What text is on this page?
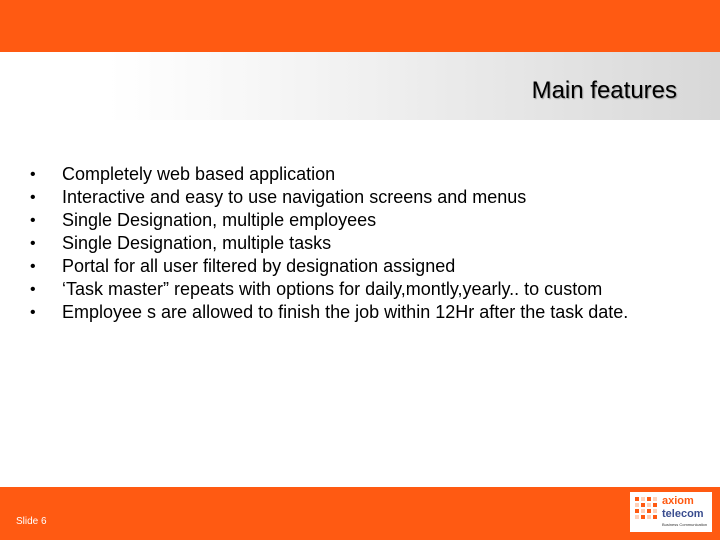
Main features
•	Completely web based application
•	Interactive and easy to use navigation screens and menus
•	Single Designation, multiple employees
•	Single Designation, multiple tasks
•	Portal for all user filtered by designation assigned
•	‘Task master” repeats with options for daily,montly,yearly.. to custom
•	Employee s are allowed to finish the job within 12Hr after the task date.
Slide 6
axiom
telecom
Business Communication
